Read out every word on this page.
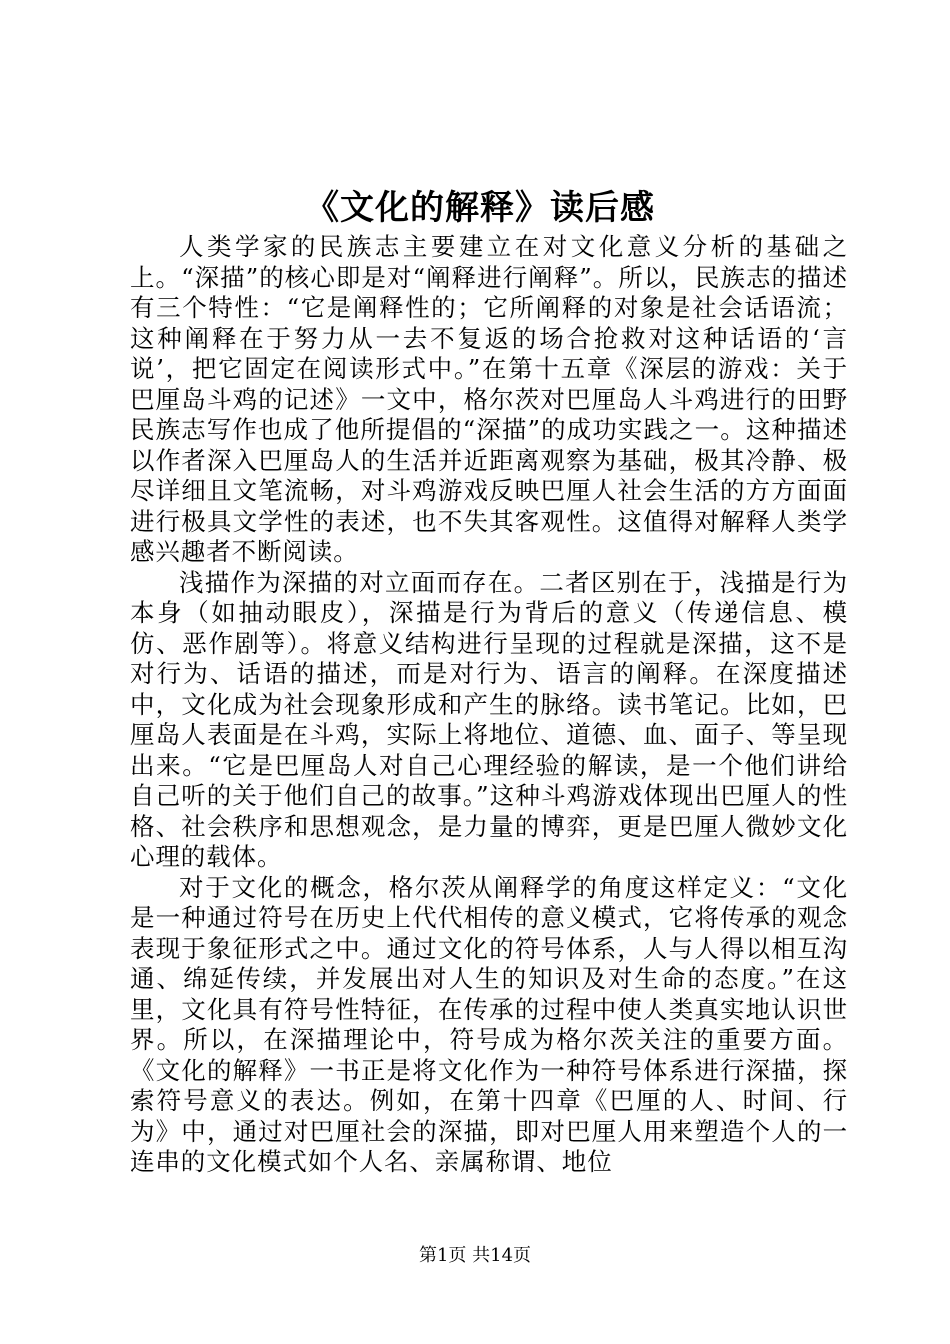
《文化的解释》读后感

人类学家的民族志主要建立在对文化意义分析的基础之上。“深描”的核心即是对“阐释进行阐释”。所以，民族志的描述有三个特性：“它是阐释性的；它所阐释的对象是社会话语流；这种阐释在于努力从一去不复返的场合抢救对这种话语的‘言说’，把它固定在阅读形式中。”在第十五章《深层的游戏：关于巴厘岛斗鸡的记述》一文中，格尔茨对巴厘岛人斗鸡进行的田野民族志写作也成了他所提倡的“深描”的成功实践之一。这种描述以作者深入巴厘岛人的生活并近距离观察为基础，极其冷静、极尽详细且文笔流畅，对斗鸡游戏反映巴厘人社会生活的方方面面进行极具文学性的表述，也不失其客观性。这值得对解释人类学感兴趣者不断阅读。

浅描作为深描的对立面而存在。二者区别在于，浅描是行为本身（如抽动眼皮），深描是行为背后的意义（传递信息、模仿、恶作剧等）。将意义结构进行呈现的过程就是深描，这不是对行为、话语的描述，而是对行为、语言的阐释。在深度描述中，文化成为社会现象形成和产生的脉络。读书笔记。比如，巴厘岛人表面是在斗鸡，实际上将地位、道德、血、面子、等呈现出来。“它是巴厘岛人对自己心理经验的解读，是一个他们讲给自己听的关于他们自己的故事。”这种斗鸡游戏体现出巴厘人的性格、社会秩序和思想观念，是力量的博弈，更是巴厘人微妙文化心理的载体。

对于文化的概念，格尔茨从阐释学的角度这样定义：“文化是一种通过符号在历史上代代相传的意义模式，它将传承的观念表现于象征形式之中。通过文化的符号体系，人与人得以相互沟通、绵延传续，并发展出对人生的知识及对生命的态度。”在这里，文化具有符号性特征，在传承的过程中使人类真实地认识世界。所以，在深描理论中，符号成为格尔茨关注的重要方面。《文化的解释》一书正是将文化作为一种符号体系进行深描，探索符号意义的表达。例如，在第十四章《巴厘的人、时间、行为》中，通过对巴厘社会的深描，即对巴厘人用来塑造个人的一连串的文化模式如个人名、亲属称谓、地位

第1页 共14页
